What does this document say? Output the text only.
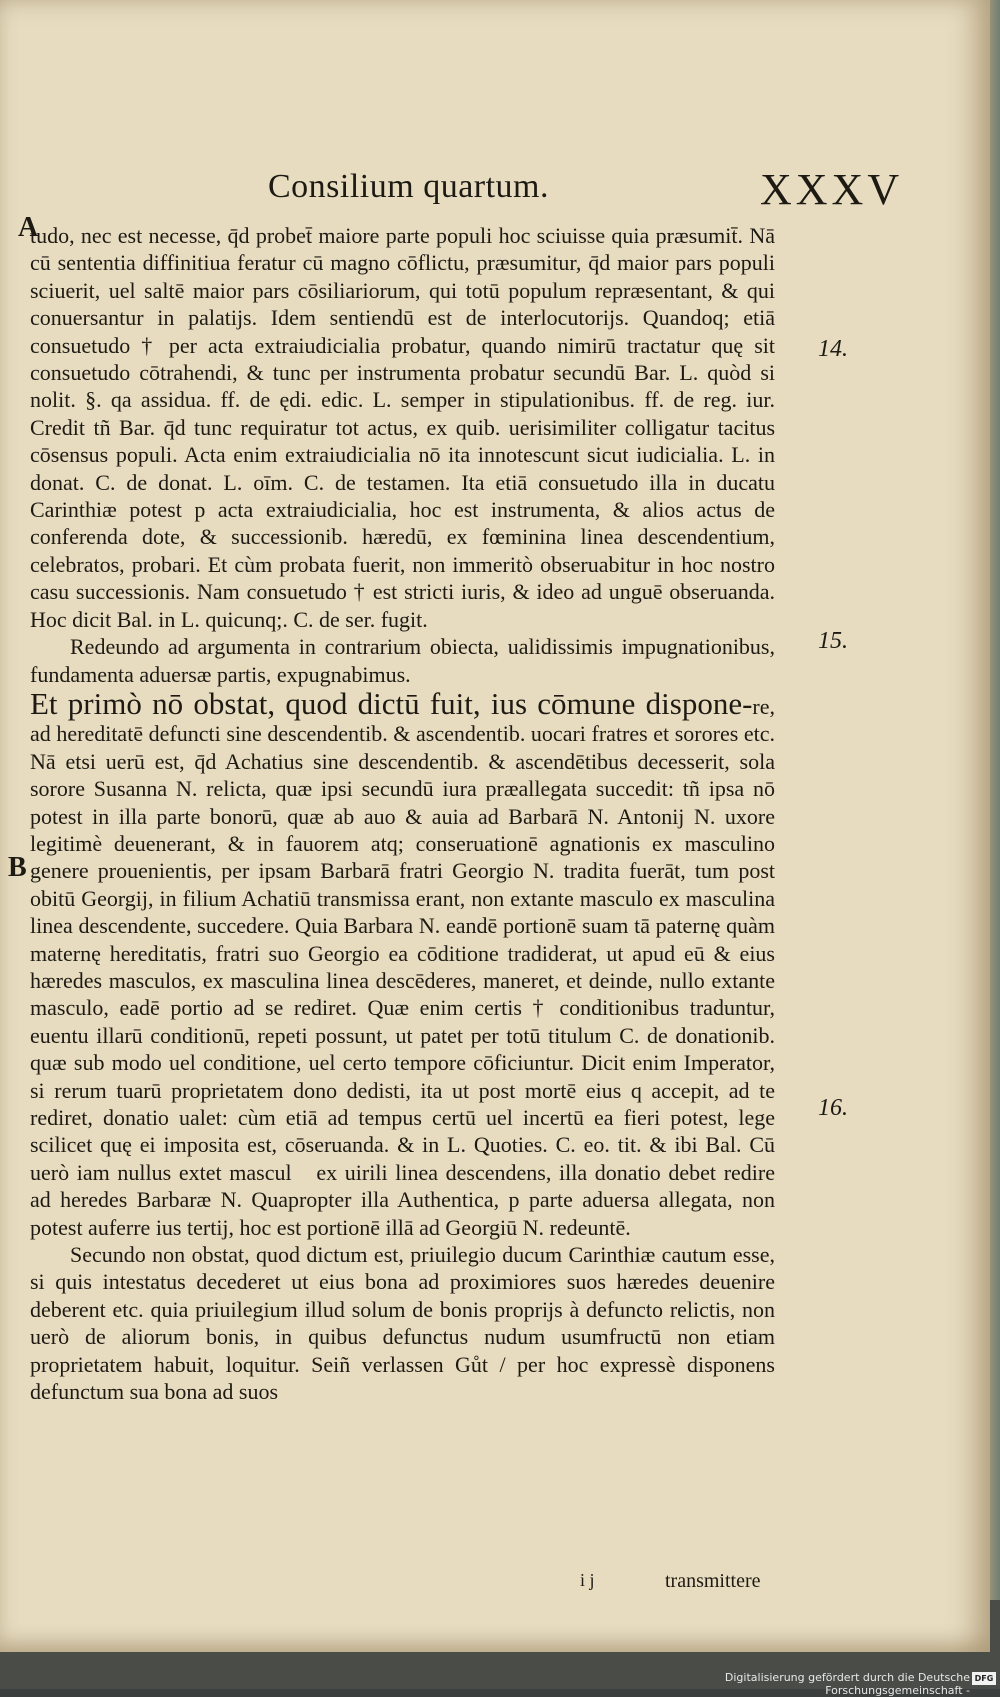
Consilium quartum.	XXXV
A
B

tudo, nec est necesse, q̄d probet̄ maiore parte populi hoc sciuisse quia præsumit̄. Nā cū sententia diffinitiua feratur cū magno cōflictu, præsumitur, q̄d maior pars populi sciuerit, uel saltē maior pars cōsiliariorum, qui totū populum repræsentant, & qui conuersantur in palatijs. Idem sentiendū est de interlocutorijs. Quandoq; etiā consuetudo † per acta extraiudicialia probatur, quando nimirū tractatur quę sit consuetudo cōtrahendi, & tunc per instrumenta probatur secundū Bar. L. quòd si nolit. §. qa assidua. ff. de ędi. edic. L. semper in stipulationibus. ff. de reg. iur. Credit tñ Bar. q̄d tunc requiratur tot actus, ex quib. uerisimiliter colligatur tacitus cōsensus populi. Acta enim extraiudicialia nō ita innotescunt sicut iudicialia. L. in donat. C. de donat. L. oīm. C. de testamen. Ita etiā consuetudo illa in ducatu Carinthiæ potest p acta extraiudicialia, hoc est instrumenta, & alios actus de conferenda dote, & successionib. hæredū, ex fœminina linea descendentium, celebratos, probari. Et cùm probata fuerit, non immeritò obseruabitur in hoc nostro casu successionis. Nam consuetudo † est stricti iuris, & ideo ad unguē obseruanda. Hoc dicit Bal. in L. quicunq;. C. de ser. fugit.

Redeundo ad argumenta in contrarium obiecta, ualidissimis impugnationibus, fundamenta aduersæ partis, expugnabimus.

Et primò nō obstat, quod dictū fuit, ius cōmune dispone-re, ad hereditatē defuncti sine descendentib. & ascendentib. uocari fratres et sorores etc. Nā etsi uerū est, q̄d Achatius sine descendentib. & ascendētibus decesserit, sola sorore Susanna N. relicta, quæ ipsi secundū iura præallegata succedit: tñ ipsa nō potest in illa parte bonorū, quæ ab auo & auia ad Barbarā N. Antonij N. uxore legitimè deuenerant, & in fauorem atq; conseruationē agnationis ex masculino genere prouenientis, per ipsam Barbarā fratri Georgio N. tradita fuerāt, tum post obitū Georgij, in filium Achatiū transmissa erant, non extante masculo ex masculina linea descendente, succedere. Quia Barbara N. eandē portionē suam tā paternę quàm maternę hereditatis, fratri suo Georgio ea cōditione tradiderat, ut apud eū & eius hæredes masculos, ex masculina linea descēderes, maneret, et deinde, nullo extante masculo, eadē portio ad se rediret. Quæ enim certis † conditionibus traduntur, euentu illarū conditionū, repeti possunt, ut patet per totū titulum C. de donationib. quæ sub modo uel conditione, uel certo tempore cōficiuntur. Dicit enim Imperator, si rerum tuarū proprietatem dono dedisti, ita ut post mortē eius q accepit, ad te rediret, donatio ualet: cùm etiā ad tempus certū uel incertū ea fieri potest, lege scilicet quę ei imposita est, cōseruanda. & in L. Quoties. C. eo. tit. & ibi Bal. Cū uerò iam nullus extet mascul᷒ ex uirili linea descendens, illa donatio debet redire ad heredes Barbaræ N. Quapropter illa Authentica, p parte aduersa allegata, non potest auferre ius tertij, hoc est portionē illā ad Georgiū N. redeuntē.

Secundo non obstat, quod dictum est, priuilegio ducum Carinthiæ cautum esse, si quis intestatus decederet ut eius bona ad proximiores suos hæredes deuenire deberent etc. quia priuilegium illud solum de bonis proprijs à defuncto relictis, non uerò de aliorum bonis, in quibus defunctus nudum usumfructū non etiam proprietatem habuit, loquitur. Seiñ verlassen Gůt / per hoc expressè disponens defunctum sua bona ad suos

14.
15.
16.
i j	transmittere
Digitalisierung gefördert durch die Deutsche Forschungsgemeinschaft -
DFG
